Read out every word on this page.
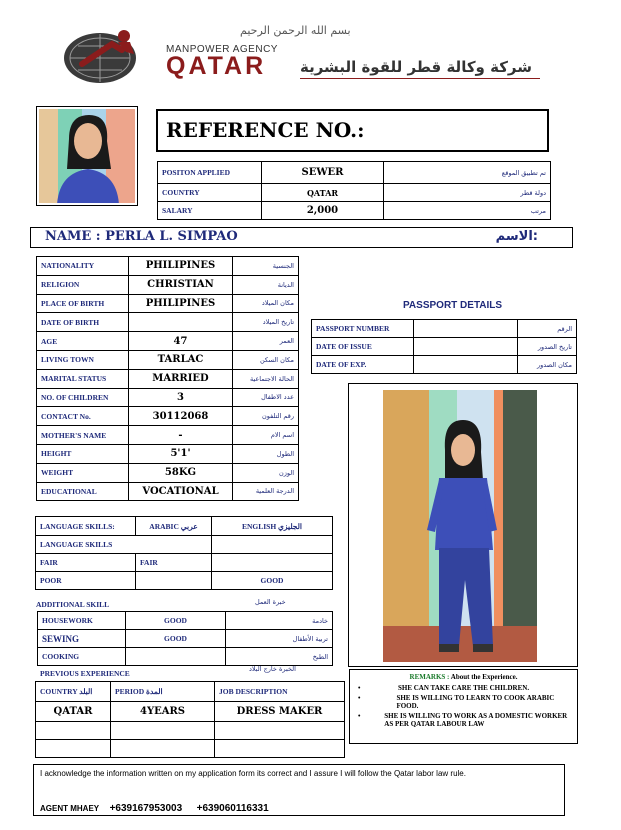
بسم الله الرحمن الرحيم
MANPOWER AGENCY
QATAR شركة وكالة قطر للقوة البشرية
REFERENCE NO.:
POSITON APPLIED	SEWER	تم تطبيق الموقع
COUNTRY	QATAR	دولة قطر
SALARY	2,000	مرتب
NAME : PERLA L. SIMPAO	الاسم:
NATIONALITY	PHILIPINES	الجنسية
RELIGION	CHRISTIAN	الديانة
PLACE OF BIRTH	PHILIPINES	مكان الميلاد
DATE OF BIRTH		تاريخ الميلاد
AGE	47	العمر
LIVING TOWN	TARLAC	مكان السكن
MARITAL STATUS	MARRIED	الحالة الاجتماعية
NO. OF CHILDREN	3	عدد الاطفال
CONTACT No.	30112068	رقم التلفون
MOTHER'S NAME	-	اسم الام
HEIGHT	5'1'	الطول
WEIGHT	58KG	الوزن
EDUCATIONAL	VOCATIONAL	الدرجة العلمية
PASSPORT DETAILS
PASSPORT NUMBER		الرقم
DATE OF ISSUE		تاريخ الصدور
DATE OF EXP.		مكان الصدور
LANGUAGE SKILLS:	ARABIC عربي	ENGLISH الجليزي
LANGUAGE SKILLS		
FAIR	FAIR	
POOR		GOOD
ADDITIONAL SKILL	خبرة العمل
HOUSEWORK	GOOD	خادمة
SEWING	GOOD	تربية الأطفال
COOKING		الطبخ
PREVIOUS EXPERIENCE	الخبرة خارج البلاد
COUNTRY البلد	PERIOD المدة	JOB DESCRIPTION
QATAR	4YEARS	DRESS MAKER

REMARKS : About the Experience.
•	SHE CAN TAKE CARE THE CHILDREN.
•	SHE IS WILLING TO LEARN TO COOK ARABIC FOOD.
•	SHE IS WILLING TO WORK AS A DOMESTIC WORKER AS PER QATAR LABOUR LAW
I acknowledge the information written on my application form its correct and I assure I will follow the Qatar labor law rule.
AGENT MHAEY +639167953003 +639060116331
